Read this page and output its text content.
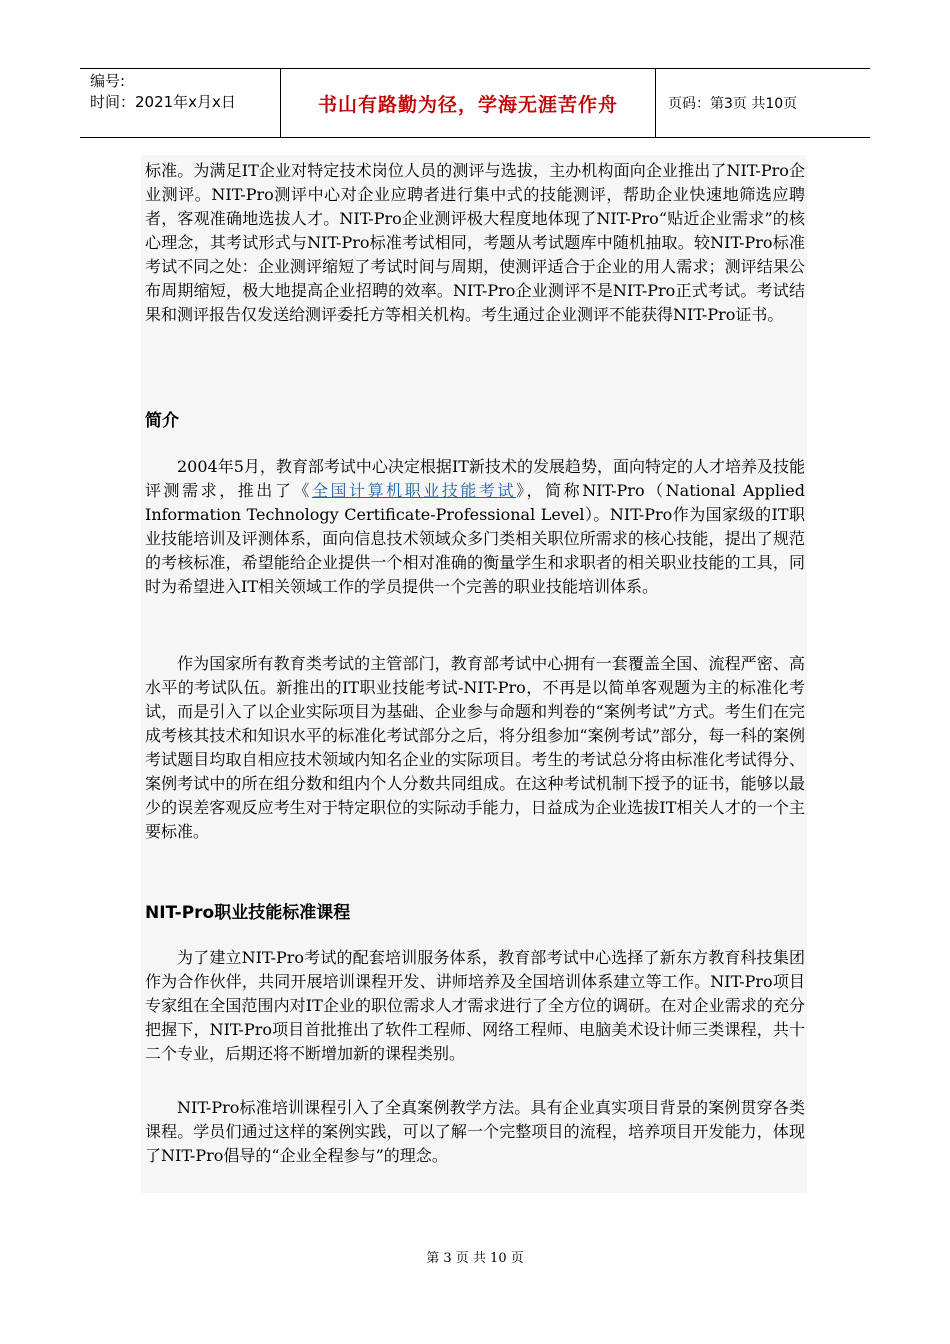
编号:
时间：2021年x月x日	书山有路勤为径，学海无涯苦作舟	页码：第3页 共10页

标准。为满足IT企业对特定技术岗位人员的测评与选拔，主办机构面向企业推出了NIT-Pro企业测评。NIT-Pro测评中心对企业应聘者进行集中式的技能测评，帮助企业快速地筛选应聘者，客观准确地选拔人才。NIT-Pro企业测评极大程度地体现了NIT-Pro“贴近企业需求”的核心理念，其考试形式与NIT-Pro标准考试相同，考题从考试题库中随机抽取。较NIT-Pro标准考试不同之处：企业测评缩短了考试时间与周期，使测评适合于企业的用人需求；测评结果公布周期缩短，极大地提高企业招聘的效率。NIT-Pro企业测评不是NIT-Pro正式考试。考试结果和测评报告仅发送给测评委托方等相关机构。考生通过企业测评不能获得NIT-Pro证书。

简介

2004年5月，教育部考试中心决定根据IT新技术的发展趋势，面向特定的人才培养及技能评测需求，推出了《全国计算机职业技能考试》，简称NIT-Pro（National Applied Information Technology Certificate-Professional Level）。NIT-Pro作为国家级的IT职业技能培训及评测体系，面向信息技术领域众多门类相关职位所需求的核心技能，提出了规范的考核标准，希望能给企业提供一个相对准确的衡量学生和求职者的相关职业技能的工具，同时为希望进入IT相关领域工作的学员提供一个完善的职业技能培训体系。

作为国家所有教育类考试的主管部门，教育部考试中心拥有一套覆盖全国、流程严密、高水平的考试队伍。新推出的IT职业技能考试-NIT-Pro，不再是以简单客观题为主的标准化考试，而是引入了以企业实际项目为基础、企业参与命题和判卷的“案例考试”方式。考生们在完成考核其技术和知识水平的标准化考试部分之后，将分组参加“案例考试”部分，每一科的案例考试题目均取自相应技术领域内知名企业的实际项目。考生的考试总分将由标准化考试得分、案例考试中的所在组分数和组内个人分数共同组成。在这种考试机制下授予的证书，能够以最少的误差客观反应考生对于特定职位的实际动手能力，日益成为企业选拔IT相关人才的一个主要标准。

NIT-Pro职业技能标准课程

为了建立NIT-Pro考试的配套培训服务体系，教育部考试中心选择了新东方教育科技集团作为合作伙伴，共同开展培训课程开发、讲师培养及全国培训体系建立等工作。NIT-Pro项目专家组在全国范围内对IT企业的职位需求人才需求进行了全方位的调研。在对企业需求的充分把握下，NIT-Pro项目首批推出了软件工程师、网络工程师、电脑美术设计师三类课程，共十二个专业，后期还将不断增加新的课程类别。

NIT-Pro标准培训课程引入了全真案例教学方法。具有企业真实项目背景的案例贯穿各类课程。学员们通过这样的案例实践，可以了解一个完整项目的流程，培养项目开发能力，体现了NIT-Pro倡导的“企业全程参与”的理念。

第 3 页 共 10 页
